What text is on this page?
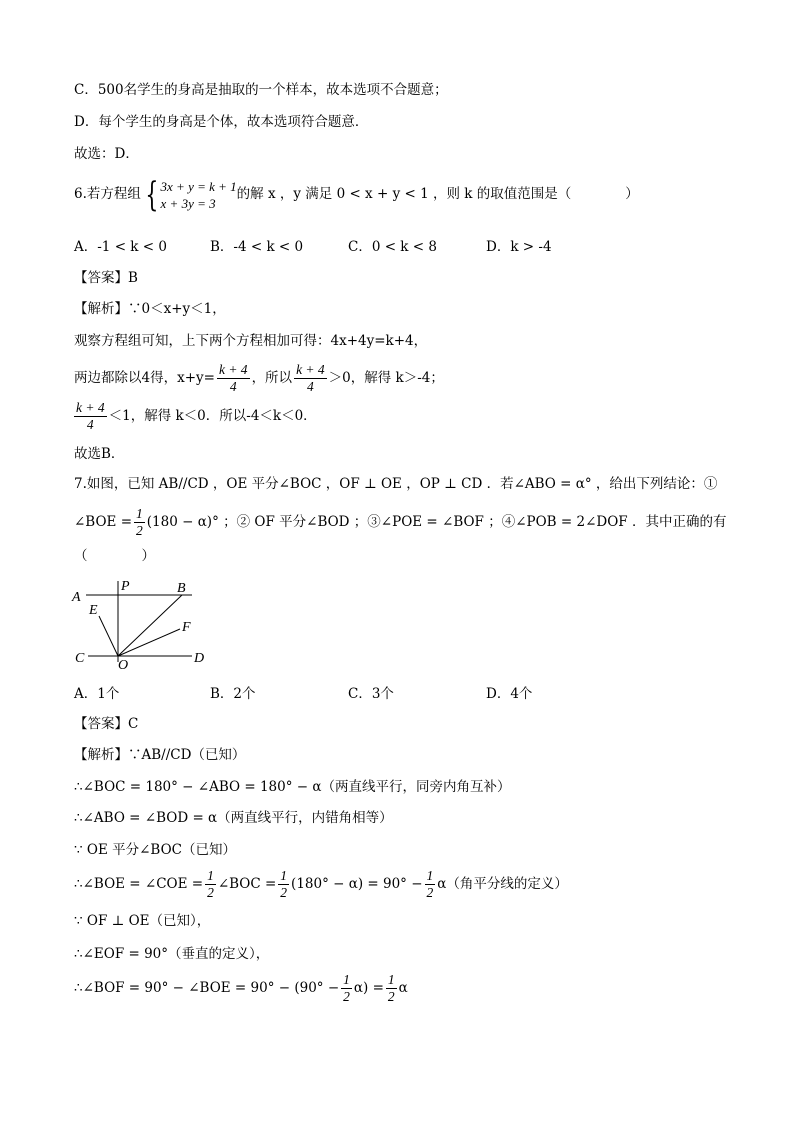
C．500名学生的身高是抽取的一个样本，故本选项不合题意；
D．每个学生的身高是个体，故本选项符合题意．
故选：D．
6.若方程组 { 3x + y = k + 1
x + 3y = 3
的解 x ，y 满足 0 < x + y < 1 ，则 k 的取值范围是（　　　　）
A．-1 < k < 0	B．-4 < k < 0	C．0 < k < 8	D．k > -4
【答案】B
【解析】∵0＜x+y＜1，
观察方程组可知，上下两个方程相加可得：4x+4y=k+4，
两边都除以4得，$x+y= \frac{k + 4}{4}$ ，所以 $\frac{k + 4}{4} >0$，解得 k＞-4；
$\frac{k + 4}{4} <1$，解得 k＜0．所以-4＜k＜0．
故选B．
7.如图，已知 AB//CD ，OE 平分∠BOC ，OF ⊥ OE ，OP ⊥ CD ．若∠ABO = α° ，给出下列结论：①
∠BOE = $\frac{1}{2} (180 - \alpha)^\circ$ ；② OF 平分∠BOD ；③∠POE = ∠BOF ；④∠POB = 2∠DOF ．其中正确的有
（　　　　）
A
P	B
E
F
C O	D
A．1个	B．2个	C．3个	D．4个
【答案】C
【解析】∵AB//CD（已知）
∴∠BOC = 180° − ∠ABO = 180° − α（两直线平行，同旁内角互补）
∴∠ABO = ∠BOD = α（两直线平行，内错角相等）
∵ OE 平分∠BOC（已知）
∴∠BOE = ∠COE = $\frac{1}{2}$ ∠BOC = $\frac{1}{2} (180^\circ - \alpha) = 90^\circ - \frac{1}{2} \alpha$（角平分线的定义）
∵ OF ⊥ OE（已知），
∴∠EOF = 90°（垂直的定义），
∴∠BOF = 90° − ∠BOE = $90^\circ - (90^\circ - \frac{1}{2} \alpha) = \frac{1}{2}$ α
